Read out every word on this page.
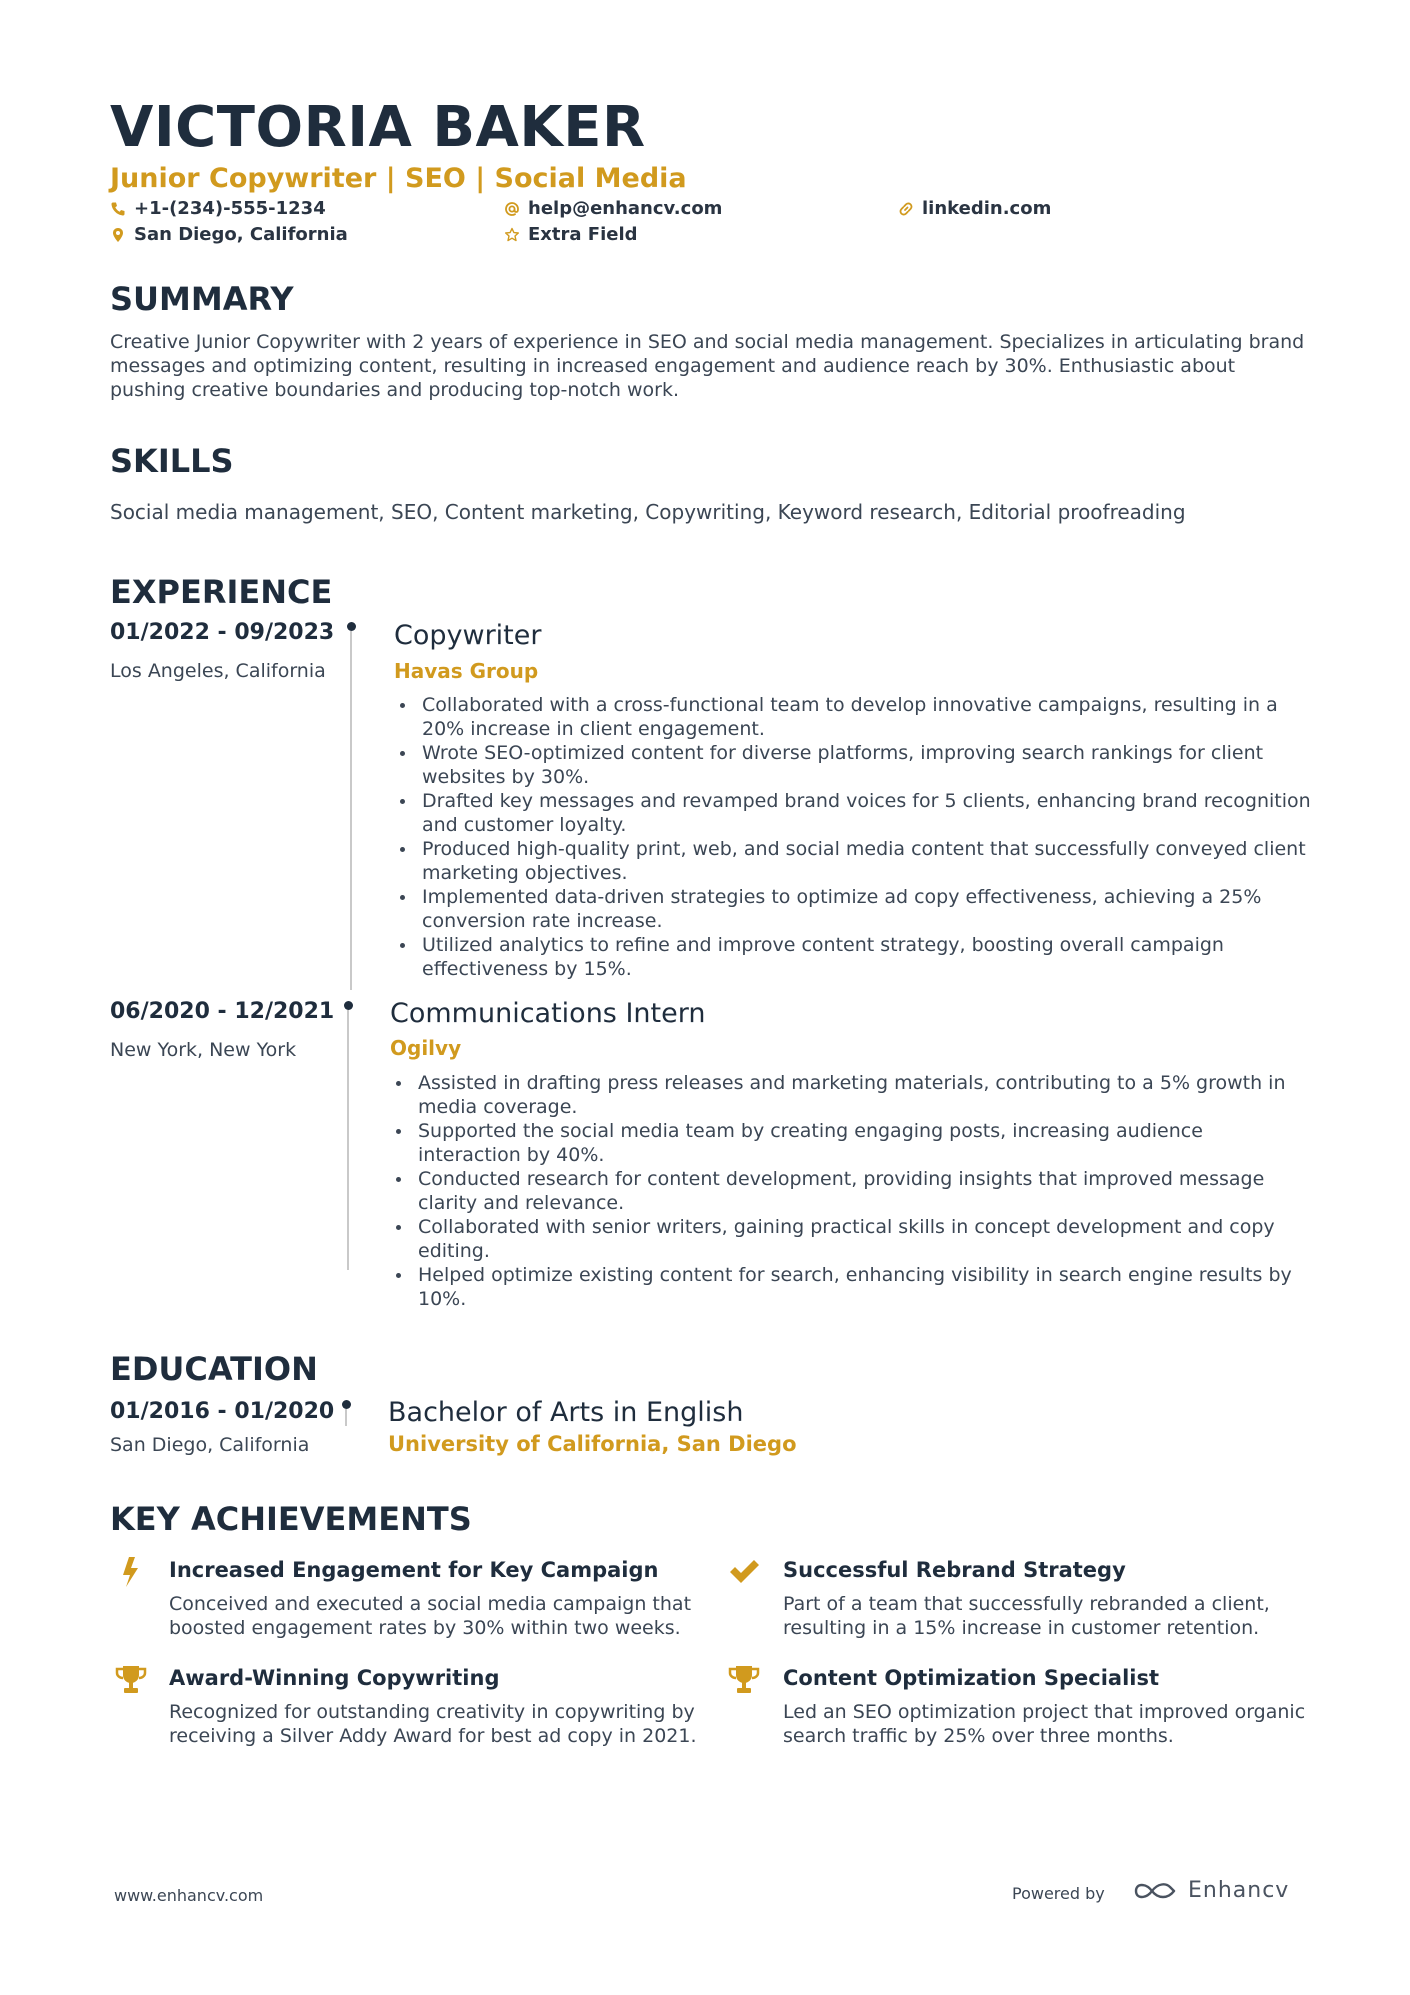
VICTORIA BAKER
Junior Copywriter | SEO | Social Media
+1-(234)-555-1234	help@enhancv.com	linkedin.com
San Diego, California	Extra Field
SUMMARY
Creative Junior Copywriter with 2 years of experience in SEO and social media management. Specializes in articulating brand messages and optimizing content, resulting in increased engagement and audience reach by 30%. Enthusiastic about pushing creative boundaries and producing top-notch work.
SKILLS
Social media management, SEO, Content marketing, Copywriting, Keyword research, Editorial proofreading
EXPERIENCE
01/2022 - 09/2023
Los Angeles, California
Copywriter
Havas Group
Collaborated with a cross-functional team to develop innovative campaigns, resulting in a 20% increase in client engagement.
Wrote SEO-optimized content for diverse platforms, improving search rankings for client websites by 30%.
Drafted key messages and revamped brand voices for 5 clients, enhancing brand recognition and customer loyalty.
Produced high-quality print, web, and social media content that successfully conveyed client marketing objectives.
Implemented data-driven strategies to optimize ad copy effectiveness, achieving a 25% conversion rate increase.
Utilized analytics to refine and improve content strategy, boosting overall campaign effectiveness by 15%.
06/2020 - 12/2021
New York, New York
Communications Intern
Ogilvy
Assisted in drafting press releases and marketing materials, contributing to a 5% growth in media coverage.
Supported the social media team by creating engaging posts, increasing audience interaction by 40%.
Conducted research for content development, providing insights that improved message clarity and relevance.
Collaborated with senior writers, gaining practical skills in concept development and copy editing.
Helped optimize existing content for search, enhancing visibility in search engine results by 10%.
EDUCATION
01/2016 - 01/2020
San Diego, California
Bachelor of Arts in English
University of California, San Diego
KEY ACHIEVEMENTS
Increased Engagement for Key Campaign
Conceived and executed a social media campaign that boosted engagement rates by 30% within two weeks.
Successful Rebrand Strategy
Part of a team that successfully rebranded a client, resulting in a 15% increase in customer retention.
Award-Winning Copywriting
Recognized for outstanding creativity in copywriting by receiving a Silver Addy Award for best ad copy in 2021.
Content Optimization Specialist
Led an SEO optimization project that improved organic search traffic by 25% over three months.
www.enhancv.com	Powered by	Enhancv
